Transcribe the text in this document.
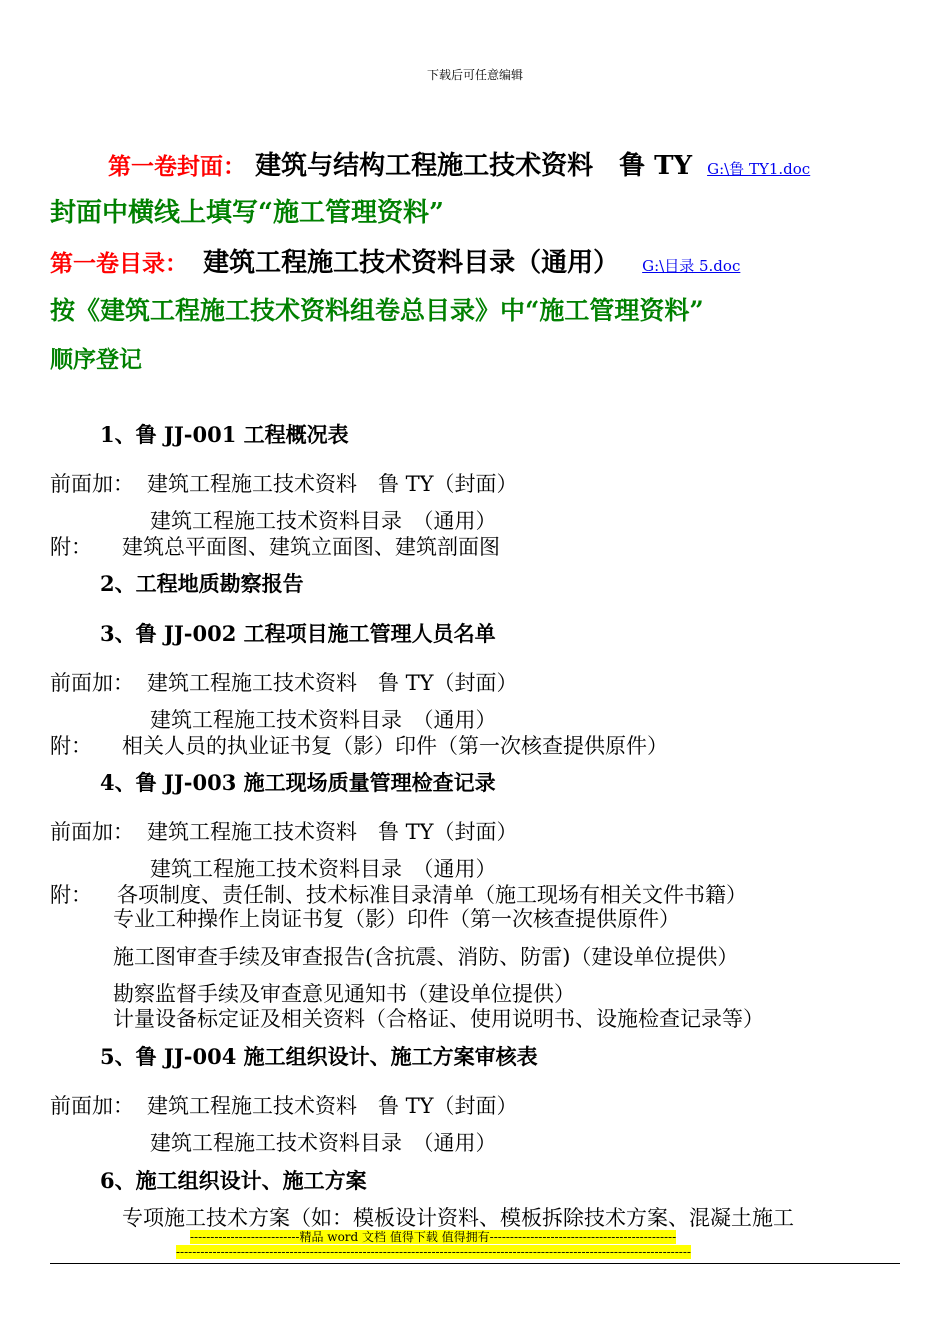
下载后可任意编辑
第一卷封面： 建筑与结构工程施工技术资料　鲁 TY G:\鲁 TY1.doc
封面中横线上填写“施工管理资料”
第一卷目录： 建筑工程施工技术资料目录（通用） G:\目录 5.doc
按《建筑工程施工技术资料组卷总目录》中“施工管理资料”
顺序登记
1、鲁 JJ-001 工程概况表
前面加： 建筑工程施工技术资料　鲁 TY（封面）
建筑工程施工技术资料目录　（通用）
附： 建筑总平面图、建筑立面图、建筑剖面图
2、工程地质勘察报告
3、鲁 JJ-002 工程项目施工管理人员名单
前面加： 建筑工程施工技术资料　鲁 TY（封面）
建筑工程施工技术资料目录　（通用）
附： 相关人员的执业证书复（影）印件（第一次核查提供原件）
4、鲁 JJ-003 施工现场质量管理检查记录
前面加： 建筑工程施工技术资料　鲁 TY（封面）
建筑工程施工技术资料目录　（通用）
附： 各项制度、责任制、技术标准目录清单（施工现场有相关文件书籍）
专业工种操作上岗证书复（影）印件（第一次核查提供原件）
施工图审查手续及审查报告(含抗震、消防、防雷)（建设单位提供）
勘察监督手续及审查意见通知书（建设单位提供）
计量设备标定证及相关资料（合格证、使用说明书、设施检查记录等）
5、鲁 JJ-004 施工组织设计、施工方案审核表
前面加： 建筑工程施工技术资料　鲁 TY（封面）
建筑工程施工技术资料目录　（通用）
6、施工组织设计、施工方案
专项施工技术方案（如：模板设计资料、模板拆除技术方案、混凝土施工
---------------------------精品 word 文档 值得下载 值得拥有----------------------------------------------
-------------------------------------------------------------------------------------------------------------------------------
